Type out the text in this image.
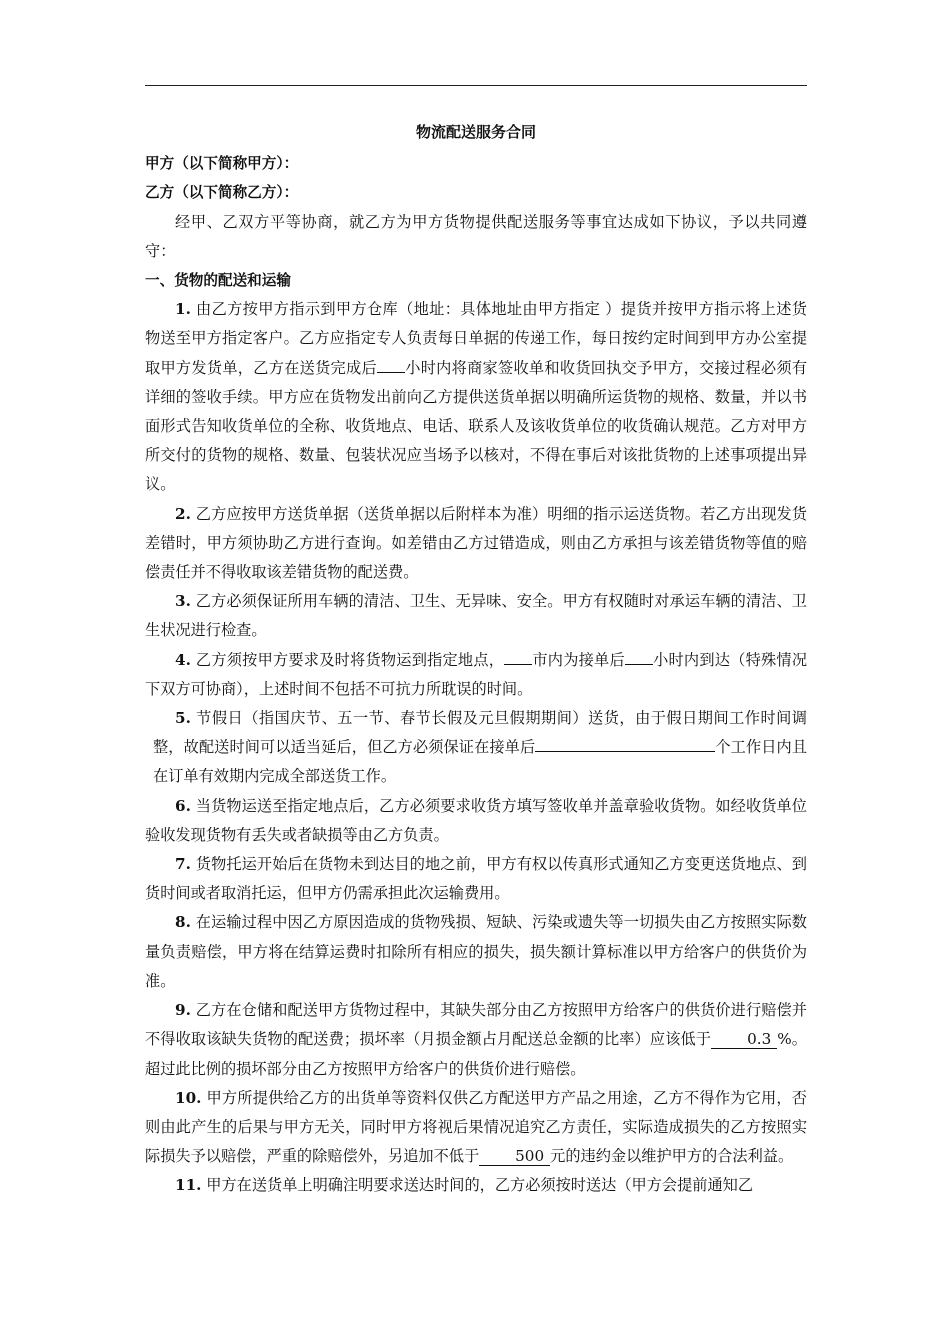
物流配送服务合同

甲方（以下简称甲方）：

乙方（以下简称乙方）：

经甲、乙双方平等协商，就乙方为甲方货物提供配送服务等事宜达成如下协议，予以共同遵守：

一、货物的配送和运输

1. 由乙方按甲方指示到甲方仓库（地址：具体地址由甲方指定 ）提货并按甲方指示将上述货物送至甲方指定客户。乙方应指定专人负责每日单据的传递工作，每日按约定时间到甲方办公室提取甲方发货单，乙方在送货完成后 小时内将商家签收单和收货回执交予甲方，交接过程必须有详细的签收手续。甲方应在货物发出前向乙方提供送货单据以明确所运货物的规格、数量，并以书面形式告知收货单位的全称、收货地点、电话、联系人及该收货单位的收货确认规范。乙方对甲方所交付的货物的规格、数量、包装状况应当场予以核对，不得在事后对该批货物的上述事项提出异议。

2. 乙方应按甲方送货单据（送货单据以后附样本为准）明细的指示运送货物。若乙方出现发货差错时，甲方须协助乙方进行查询。如差错由乙方过错造成，则由乙方承担与该差错货物等值的赔偿责任并不得收取该差错货物的配送费。

3. 乙方必须保证所用车辆的清洁、卫生、无异味、安全。甲方有权随时对承运车辆的清洁、卫生状况进行检查。

4. 乙方须按甲方要求及时将货物运到指定地点， 市内为接单后 小时内到达（特殊情况下双方可协商），上述时间不包括不可抗力所耽误的时间。

5. 节假日（指国庆节、五一节、春节长假及元旦假期期间）送货，由于假日期间工作时间调整，故配送时间可以适当延后，但乙方必须保证在接单后	个工作日内且在订单有效期内完成全部送货工作。

6. 当货物运送至指定地点后，乙方必须要求收货方填写签收单并盖章验收货物。如经收货单位验收发现货物有丢失或者缺损等由乙方负责。

7. 货物托运开始后在货物未到达目的地之前，甲方有权以传真形式通知乙方变更送货地点、到货时间或者取消托运，但甲方仍需承担此次运输费用。

8. 在运输过程中因乙方原因造成的货物残损、短缺、污染或遗失等一切损失由乙方按照实际数量负责赔偿，甲方将在结算运费时扣除所有相应的损失，损失额计算标准以甲方给客户的供货价为准。

9. 乙方在仓储和配送甲方货物过程中，其缺失部分由乙方按照甲方给客户的供货价进行赔偿并不得收取该缺失货物的配送费；损坏率（月损金额占月配送总金额的比率）应该低于 0.3 %。超过此比例的损坏部分由乙方按照甲方给客户的供货价进行赔偿。

10. 甲方所提供给乙方的出货单等资料仅供乙方配送甲方产品之用途，乙方不得作为它用，否则由此产生的后果与甲方无关，同时甲方将视后果情况追究乙方责任，实际造成损失的乙方按照实际损失予以赔偿，严重的除赔偿外，另追加不低于 500 元的违约金以维护甲方的合法利益。

11. 甲方在送货单上明确注明要求送达时间的，乙方必须按时送达（甲方会提前通知乙
